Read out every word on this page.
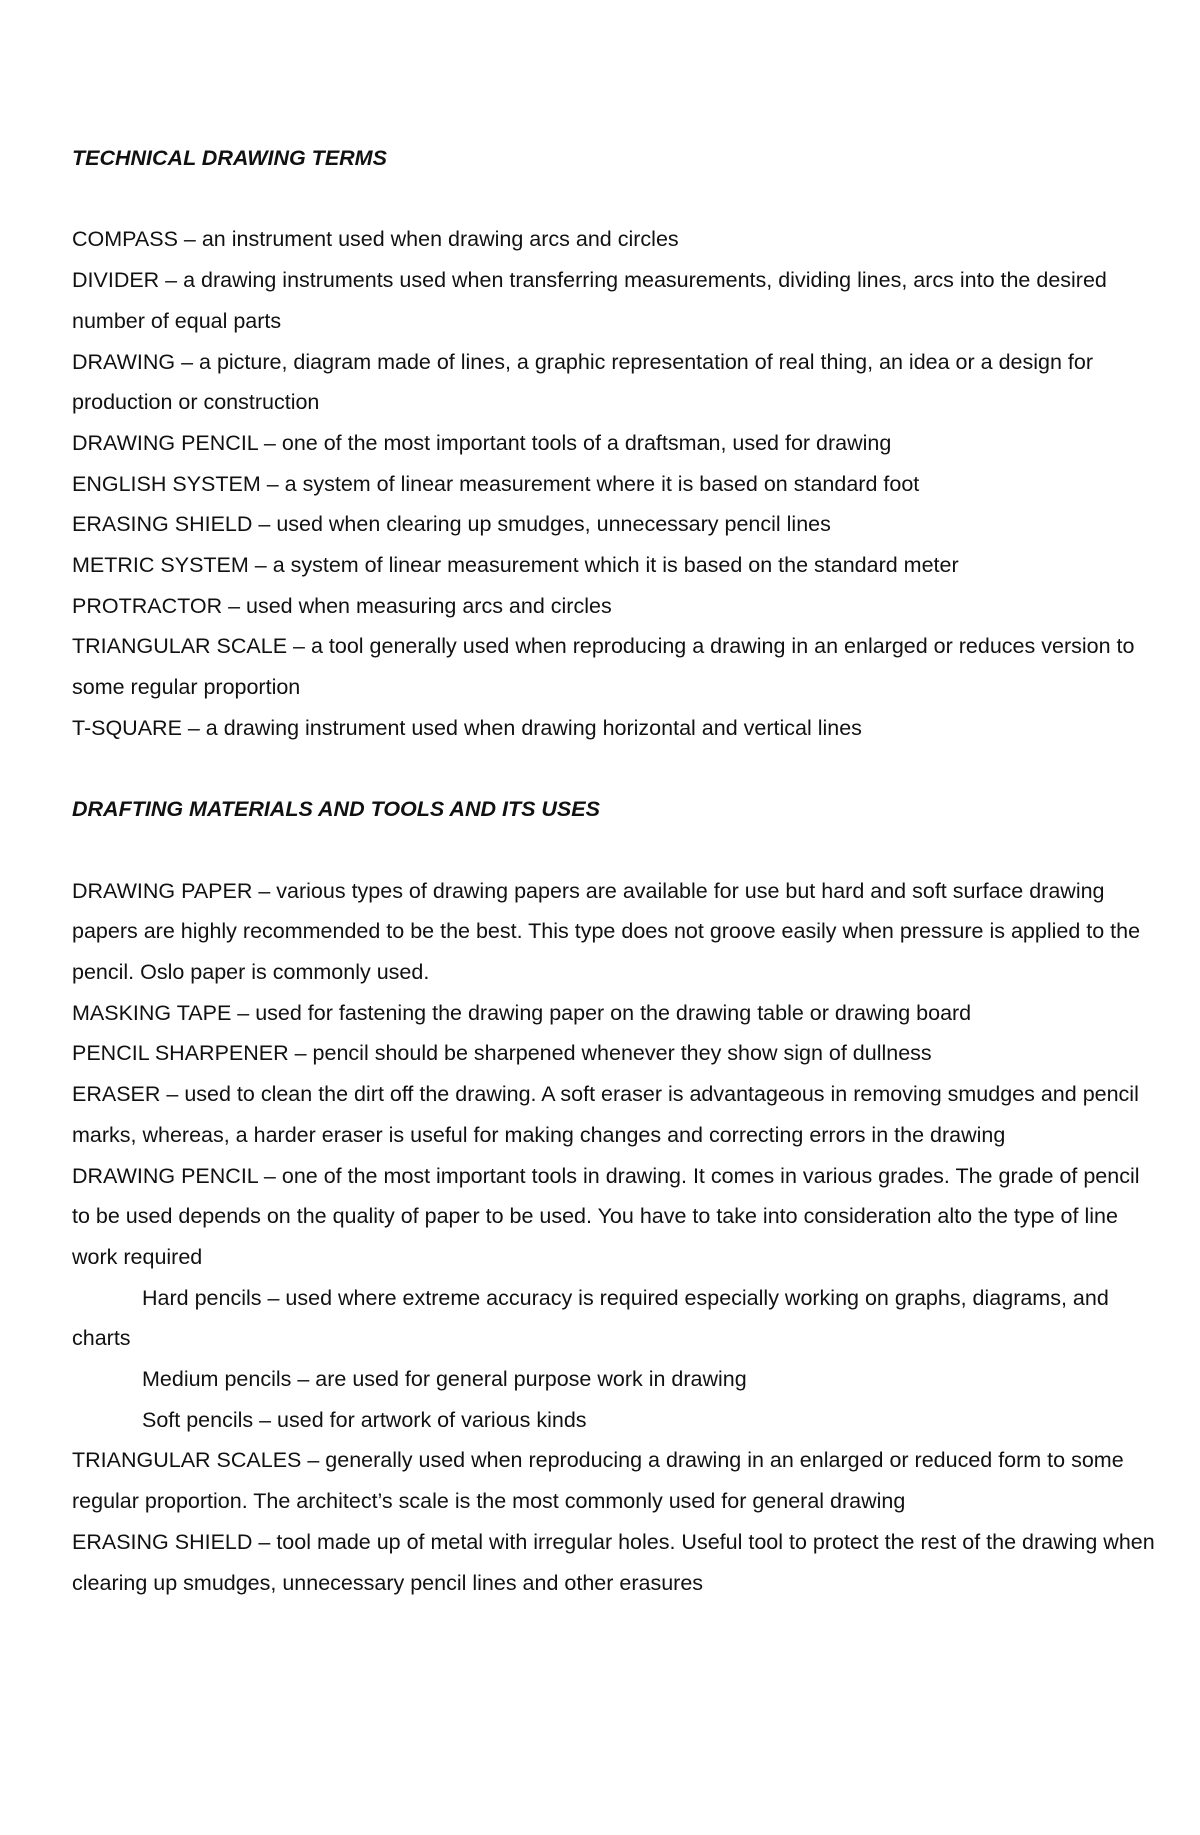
TECHNICAL DRAWING TERMS

COMPASS – an instrument used when drawing arcs and circles

DIVIDER – a drawing instruments used when transferring measurements, dividing lines, arcs into the desired number of equal parts

DRAWING – a picture, diagram made of lines, a graphic representation of real thing, an idea or a design for production or construction

DRAWING PENCIL – one of the most important tools of a draftsman, used for drawing

ENGLISH SYSTEM – a system of linear measurement where it is based on standard foot

ERASING SHIELD – used when clearing up smudges, unnecessary pencil lines

METRIC SYSTEM – a system of linear measurement which it is based on the standard meter

PROTRACTOR – used when measuring arcs and circles

TRIANGULAR SCALE – a tool generally used when reproducing a drawing in an enlarged or reduces version to some regular proportion

T-SQUARE – a drawing instrument used when drawing horizontal and vertical lines

DRAFTING MATERIALS AND TOOLS AND ITS USES

DRAWING PAPER – various types of drawing papers are available for use but hard and soft surface drawing papers are highly recommended to be the best. This type does not groove easily when pressure is applied to the pencil. Oslo paper is commonly used.

MASKING TAPE – used for fastening the drawing paper on the drawing table or drawing board

PENCIL SHARPENER – pencil should be sharpened whenever they show sign of dullness

ERASER – used to clean the dirt off the drawing. A soft eraser is advantageous in removing smudges and pencil marks, whereas, a harder eraser is useful for making changes and correcting errors in the drawing

DRAWING PENCIL – one of the most important tools in drawing. It comes in various grades. The grade of pencil to be used depends on the quality of paper to be used. You have to take into consideration alto the type of line work required

Hard pencils – used where extreme accuracy is required especially working on graphs, diagrams, and charts

Medium pencils – are used for general purpose work in drawing

Soft pencils – used for artwork of various kinds

TRIANGULAR SCALES – generally used when reproducing a drawing in an enlarged or reduced form to some regular proportion. The architect’s scale is the most commonly used for general drawing

ERASING SHIELD – tool made up of metal with irregular holes. Useful tool to protect the rest of the drawing when clearing up smudges, unnecessary pencil lines and other erasures
